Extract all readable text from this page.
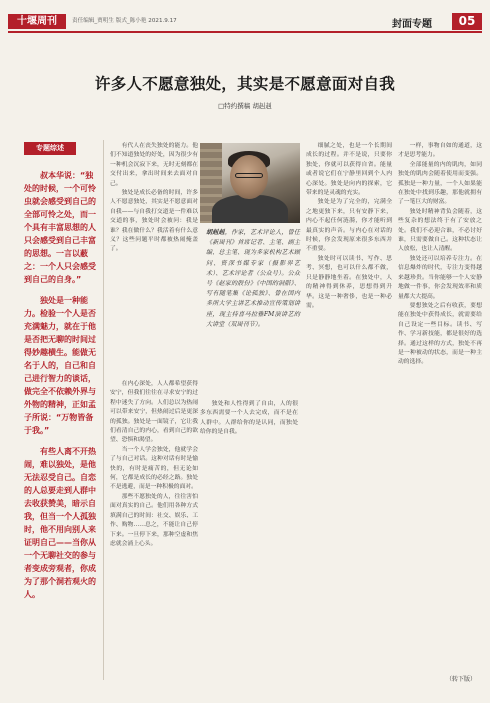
十堰周刊	责任编辑_贾明生 版式_陈小艳 2021.9.17	封面专题	05
许多人不愿意独处，其实是不愿意面对自我
□特约撰稿 胡赳赳
专题综述

叔本华说：“独处的时候，一个可怜虫就会感受到自己的全部可怜之处，而一个具有丰富思想的人只会感受到自己丰富的思想。一言以蔽之：一个人只会感受到自己的自身。”

独处是一种能力。检验一个人是否充满魅力，就在于他是否把无聊的时间过得妙趣横生。能做无名于人的，自己和自己进行智力的谈话，做完全不依赖外界与外物的精神，正如孟子所说：“万物皆备于我。”

有些人离不开热闹，难以独处，是他无法忍受自己。自恋的人总要走到人群中去收获赞美，暗示自我，但当一个人孤独时，他不用向别人来证明自己——当你从一个无聊社交的参与者变成旁观者，你成为了那个洞若观火的人。

有代人在丧失独处的能力。他们不知道独处的好处，因为很少有一种机会沉寂下来，无时无刻都在交付出来，拿出时间来去面对自己。

独处是成长必备的时间，许多人不愿意独处，其实是不愿意面对自我——与自我打交道是一件难以交道的事，独处时会被问：我是谁？我在做什么？我活着有什么意义？这些问题平时都被热闹掩盖了。

胡赳赳，作家，艺术评论人，曾任《新周刊》首席记者、主笔、副主编、总主笔、现为多家机构艺术顾问、资深书媒专家（摄影界艺术）、艺术评论者（公众号）。公众号《赵家的股份》《中国的洞腊》、写有随笔集《论孤独》、曾在国内多所大学主讲艺术推动宣传策划讲座，现主持喜马拉雅FM演讲艺的大讲堂（双周刊节）。

在内心深处，人人都希望获得安宁，但我们往往在寻求安宁的过程中迷失了方向。人们总以为热闹可以带来安宁，但热闹过后是更深的孤独。独处是一面镜子，它让我们看清自己的内心，看到自己的欲望、恐惧和渴望。

当一个人学会独处，他就学会了与自己对话。这种对话有时是愉快的，有时是痛苦的，但无论如何，它都是成长的必经之路。独处不是逃避，而是一种积极的面对。

那些不愿独处的人，往往害怕面对真实的自己。他们用各种方式填满自己的时间：社交、娱乐、工作、购物……总之，不能让自己停下来。一旦停下来，那种空虚和焦虑就会涌上心头。

独处和人性得到了自由，人的很多东西需要一个人去完成，而不是在人群中。人群给你的是认同，而独处给你的是自我。

细腻之处，也是一个长期间成长的过程。并不是说，只要你独处，你就可以获得自省。能量或者说它们在宁静里回到个人内心深处。独处是向内的探索，它带来的是灵魂的充实。

独处是为了完全的，完满全之地更独下来，只有安静下来，内心不起任何涟漪，你才能听到最真实的声音。与内心在对话的时候，你会发现原来很多东西并不重要。

独处时可以读书、写作、思考、冥想，也可以什么都不做，只是静静地坐着。在独处中，人的精神得到休养，思想得到升华。这是一种奢侈，也是一种必需。

一样，事物自如的通道，这才是思考能力。

全部能量的内的肌肉，如同独处的肌肉会随着使用而变强。孤独是一种力量，一个人如果能在独处中找到乐趣，那他就拥有了一笔巨大的财富。

独处时精神背负会随着，这些复杂的想法终于有了安放之处。我们不必迎合谁，不必讨好谁，只需要做自己。这种状态让人放松，也让人清醒。

独处还可以培养专注力。在信息爆炸的时代，专注力变得越来越珍贵。当你能够一个人安静地做一件事，你会发现效率和质量都大大提高。

要想独处之后有收获，要想能在独处中获得成长，就需要给自己设定一些目标。读书、写作、学习新技能，都是很好的选择。通过这样的方式，独处不再是一种被动的状态，而是一种主动的选择。

（转下版）
